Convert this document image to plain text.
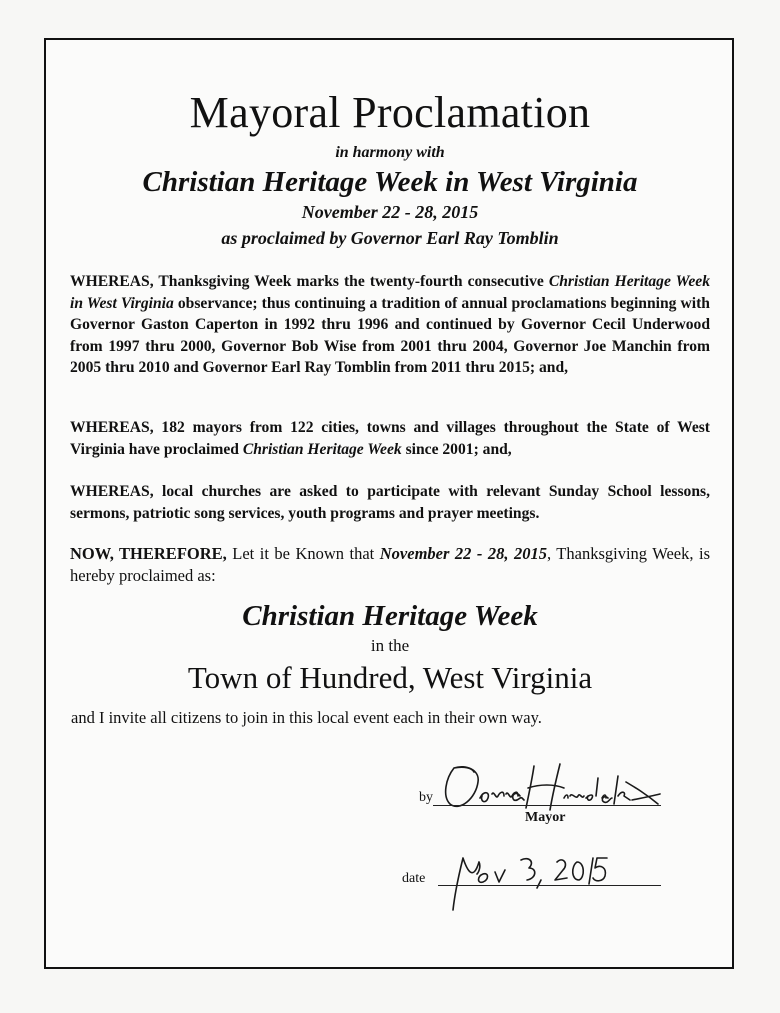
Mayoral Proclamation
in harmony with
Christian Heritage Week in West Virginia
November 22 - 28, 2015
as proclaimed by Governor Earl Ray Tomblin
WHEREAS, Thanksgiving Week marks the twenty-fourth consecutive Christian Heritage Week in West Virginia observance; thus continuing a tradition of annual proclamations beginning with Governor Gaston Caperton in 1992 thru 1996 and continued by Governor Cecil Underwood from 1997 thru 2000, Governor Bob Wise from 2001 thru 2004, Governor Joe Manchin from 2005 thru 2010 and Governor Earl Ray Tomblin from 2011 thru 2015; and,
WHEREAS, 182 mayors from 122 cities, towns and villages throughout the State of West Virginia have proclaimed Christian Heritage Week since 2001; and,
WHEREAS, local churches are asked to participate with relevant Sunday School lessons, sermons, patriotic song services, youth programs and prayer meetings.
NOW, THEREFORE, Let it be Known that November 22 - 28, 2015, Thanksgiving Week, is hereby proclaimed as:
Christian Heritage Week
in the
Town of Hundred, West Virginia
and I invite all citizens to join in this local event each in their own way.
by
Mayor
date
